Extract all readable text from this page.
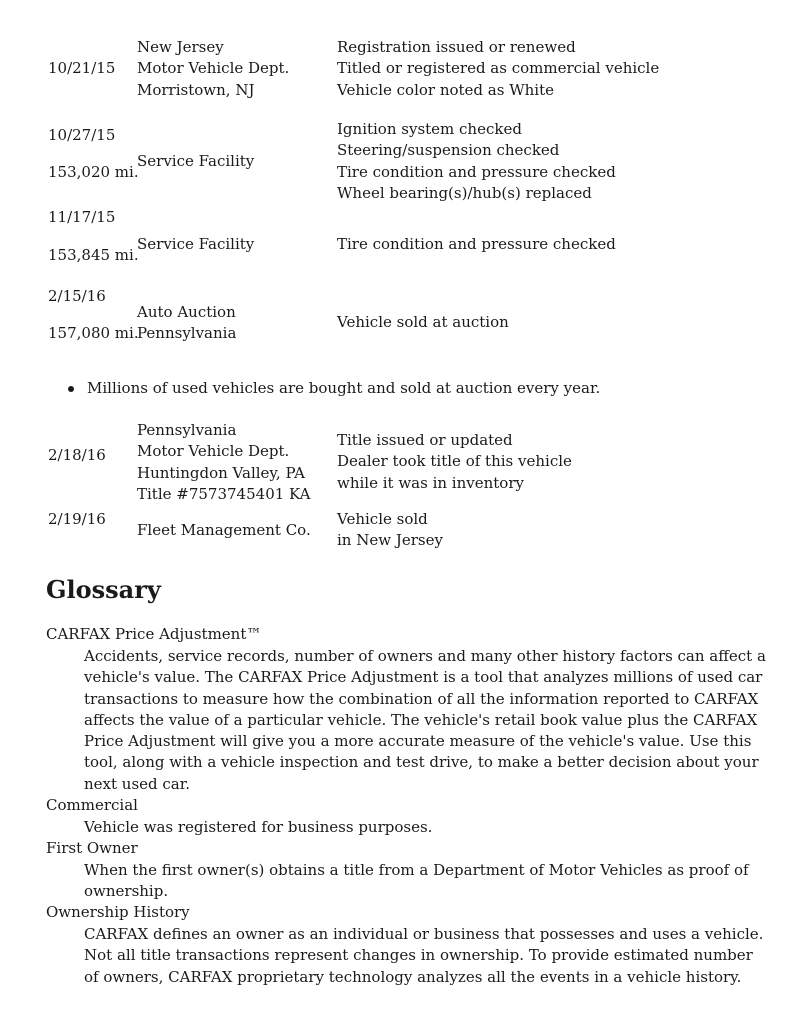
10/21/15
New Jersey
Motor Vehicle Dept.
Morristown, NJ
Registration issued or renewed
Titled or registered as commercial vehicle
Vehicle color noted as White
10/27/15
153,020 mi.
Service Facility
Ignition system checked
Steering/suspension checked
Tire condition and pressure checked
Wheel bearing(s)/hub(s) replaced
11/17/15
153,845 mi.
Service Facility	Tire condition and pressure checked
2/15/16
157,080 mi.
Auto Auction
Pennsylvania
Vehicle sold at auction
Millions of used vehicles are bought and sold at auction every year.
2/18/16
Pennsylvania
Motor Vehicle Dept.
Huntingdon Valley, PA
Title #7573745401 KA
Title issued or updated
Dealer took title of this vehicle
while it was in inventory
2/19/16
Fleet Management Co.
Vehicle sold
in New Jersey
Glossary
CARFAX Price Adjustment™
Accidents, service records, number of owners and many other history factors can affect a
vehicle's value. The CARFAX Price Adjustment is a tool that analyzes millions of used car
transactions to measure how the combination of all the information reported to CARFAX
affects the value of a particular vehicle. The vehicle's retail book value plus the CARFAX
Price Adjustment will give you a more accurate measure of the vehicle's value. Use this
tool, along with a vehicle inspection and test drive, to make a better decision about your
next used car.
Commercial
Vehicle was registered for business purposes.
First Owner
When the first owner(s) obtains a title from a Department of Motor Vehicles as proof of
ownership.
Ownership History
CARFAX defines an owner as an individual or business that possesses and uses a vehicle.
Not all title transactions represent changes in ownership. To provide estimated number
of owners, CARFAX proprietary technology analyzes all the events in a vehicle history.
